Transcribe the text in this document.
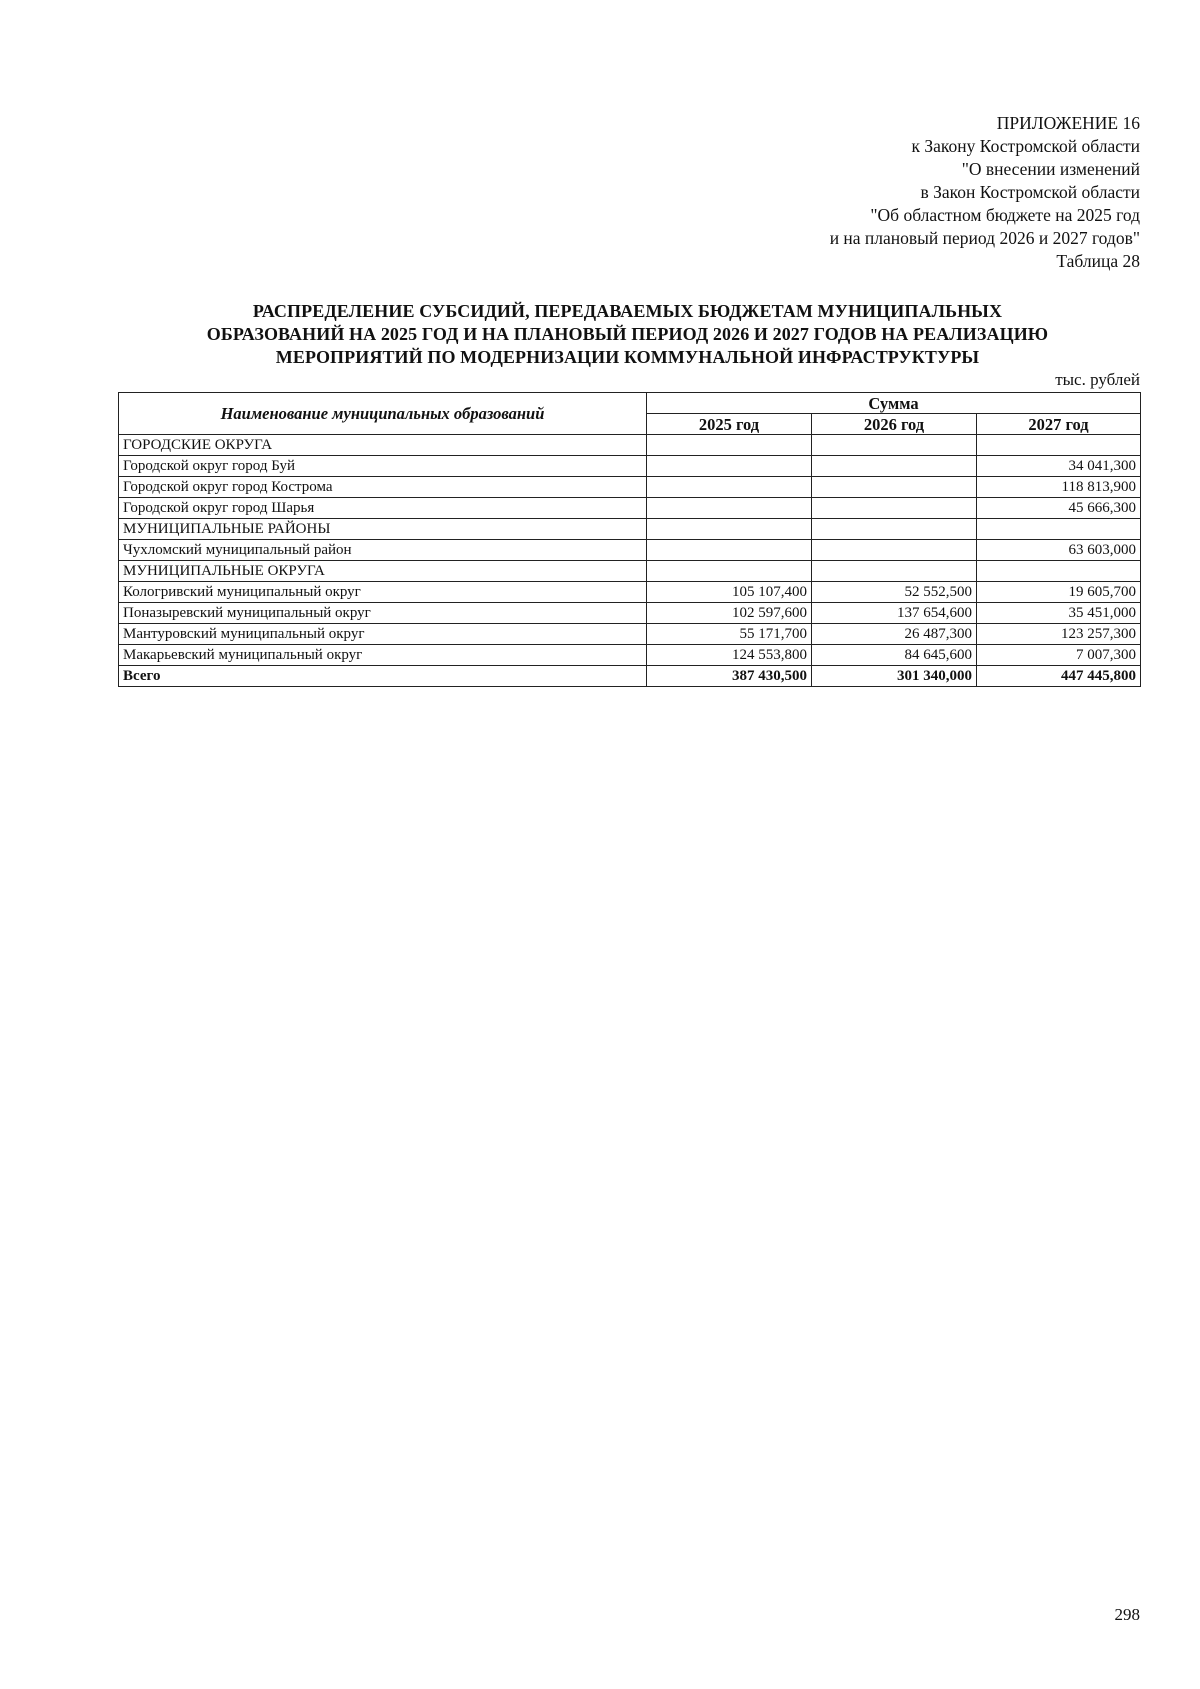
ПРИЛОЖЕНИЕ 16
к Закону Костромской области
"О внесении изменений
в Закон Костромской области
"Об областном бюджете на 2025 год
и на плановый период 2026 и 2027 годов"
Таблица 28
РАСПРЕДЕЛЕНИЕ СУБСИДИЙ, ПЕРЕДАВАЕМЫХ БЮДЖЕТАМ МУНИЦИПАЛЬНЫХ
ОБРАЗОВАНИЙ НА 2025 ГОД И НА ПЛАНОВЫЙ ПЕРИОД 2026 И 2027 ГОДОВ НА РЕАЛИЗАЦИЮ
МЕРОПРИЯТИЙ ПО МОДЕРНИЗАЦИИ КОММУНАЛЬНОЙ ИНФРАСТРУКТУРЫ
тыс. рублей
Наименование муниципальных образований	Сумма		
	2025 год	2026 год	2027 год
ГОРОДСКИЕ ОКРУГА			
Городской округ город Буй			34 041,300
Городской округ город Кострома			118 813,900
Городской округ город Шарья			45 666,300
МУНИЦИПАЛЬНЫЕ РАЙОНЫ			
Чухломский муниципальный район			63 603,000
МУНИЦИПАЛЬНЫЕ ОКРУГА			
Кологривский муниципальный округ	105 107,400	52 552,500	19 605,700
Поназыревский муниципальный округ	102 597,600	137 654,600	35 451,000
Мантуровский муниципальный округ	55 171,700	26 487,300	123 257,300
Макарьевский муниципальный округ	124 553,800	84 645,600	7 007,300
Всего	387 430,500	301 340,000	447 445,800
298
